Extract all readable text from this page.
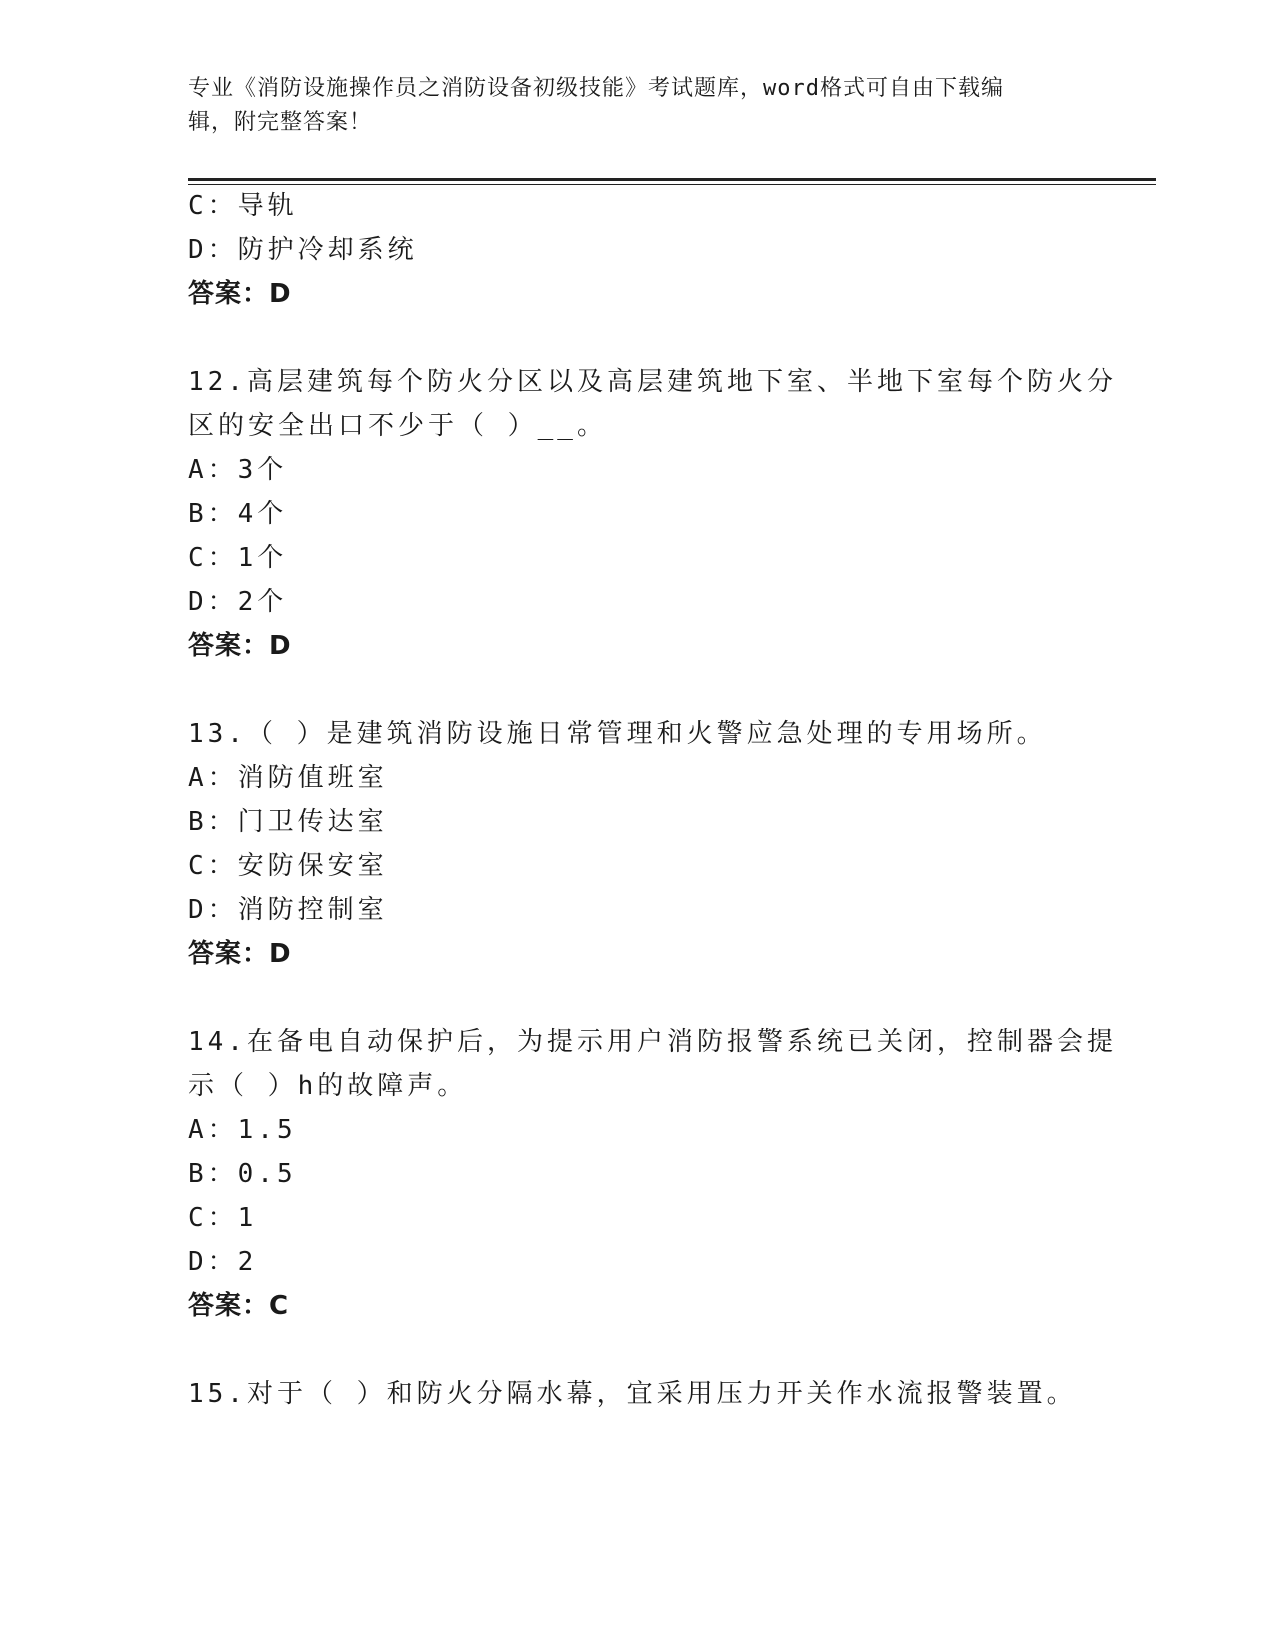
专业《消防设施操作员之消防设备初级技能》考试题库，word格式可自由下载编
辑，附完整答案！
C：导轨
D：防护冷却系统
答案：D
12.高层建筑每个防火分区以及高层建筑地下室、半地下室每个防火分
区的安全出口不少于（ ）__。
A：3个
B：4个
C：1个
D：2个
答案：D
13.（ ）是建筑消防设施日常管理和火警应急处理的专用场所。
A：消防值班室
B：门卫传达室
C：安防保安室
D：消防控制室
答案：D
14.在备电自动保护后，为提示用户消防报警系统已关闭，控制器会提
示（ ）h的故障声。
A：1.5
B：0.5
C：1
D：2
答案：C
15.对于（ ）和防火分隔水幕，宜采用压力开关作水流报警装置。
